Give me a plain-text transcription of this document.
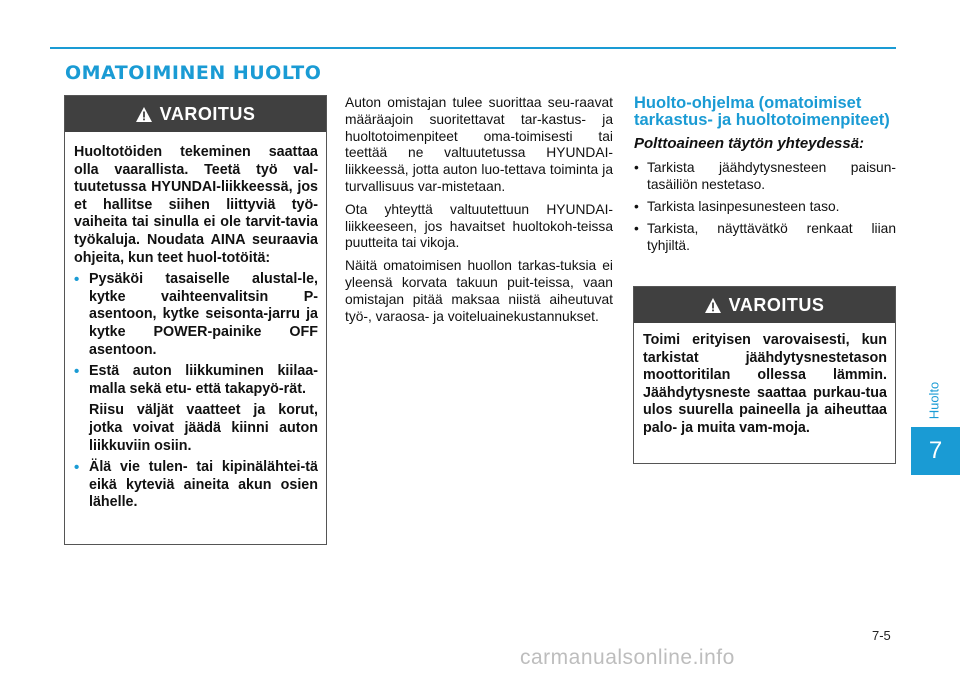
OMATOIMINEN HUOLTO
VAROITUS

Huoltotöiden tekeminen saattaa olla vaarallista. Teetä työ val-tuutetussa HYUNDAI-liikkeessä, jos et hallitse siihen liittyviä työ-vaiheita tai sinulla ei ole tarvit-tavia työkaluja. Noudata AINA seuraavia ohjeita, kun teet huol-totöitä:

• Pysäköi tasaiselle alustal-le, kytke vaihteenvalitsin P-asentoon, kytke seisonta-jarru ja kytke POWER-painike OFF asentoon.
• Estä auton liikkuminen kiilaa-malla sekä etu- että takapyö-rät.
Riisu väljät vaatteet ja korut, jotka voivat jäädä kiinni auton liikkuviin osiin.
• Älä vie tulen- tai kipinälähtei-tä eikä kyteviä aineita akun osien lähelle.

Auton omistajan tulee suorittaa seu-raavat määräajoin suoritettavat tar-kastus- ja huoltotoimenpiteet oma-toimisesti tai teettää ne valtuutetussa HYUNDAI-liikkeessä, jotta auton luo-tettava toiminta ja turvallisuus var-mistetaan.

Ota yhteyttä valtuutettuun HYUNDAI-liikkeeseen, jos havaitset huoltokoh-teissa puutteita tai vikoja.

Näitä omatoimisen huollon tarkas-tuksia ei yleensä korvata takuun puit-teissa, vaan omistajan pitää maksaa niistä aiheutuvat työ-, varaosa- ja voiteluainekustannukset.

Huolto-ohjelma (omatoimiset tarkastus- ja huoltotoimenpiteet)
Polttoaineen täytön yhteydessä:
• Tarkista jäähdytysnesteen paisun-tasäiliön nestetaso.
• Tarkista lasinpesunesteen taso.
• Tarkista, näyttävätkö renkaat liian tyhjiltä.
VAROITUS

Toimi erityisen varovaisesti, kun tarkistat jäähdytysnestetason moottoritilan ollessa lämmin. Jäähdytysneste saattaa purkau-tua ulos suurella paineella ja aiheuttaa palo- ja muita vam-moja.

Huolto
7
7-5
carmanualsonline.info
